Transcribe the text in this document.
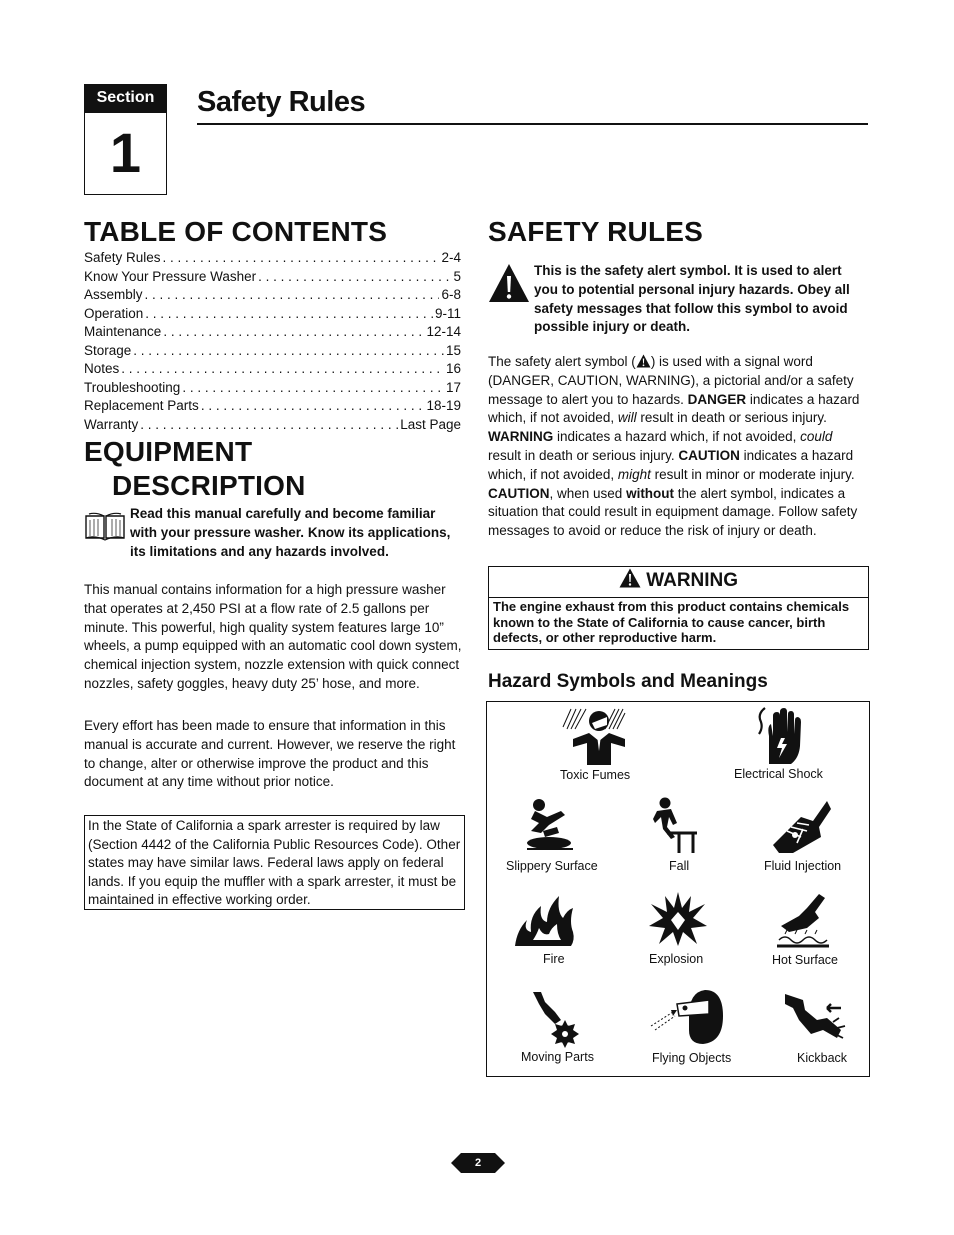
Section
1
Safety Rules
TABLE OF CONTENTS
Safety Rules . . .	2-4
Know Your Pressure Washer . . .	5
Assembly . . .	6-8
Operation . . .	9-11
Maintenance . . .	12-14
Storage . . .	15
Notes . . .	16
Troubleshooting . . .	17
Replacement Parts . . .	18-19
Warranty . . .	Last Page
EQUIPMENT
DESCRIPTION
Read this manual carefully and become familiar with your pressure washer. Know its applications, its limitations and any hazards involved.
This manual contains information for a high pressure washer that operates at 2,450 PSI at a flow rate of 2.5 gallons per minute. This powerful, high quality system features large 10” wheels, a pump equipped with an automatic cool down system, chemical injection system, nozzle extension with quick connect nozzles, safety goggles, heavy duty 25’ hose, and more.
Every effort has been made to ensure that information in this manual is accurate and current. However, we reserve the right to change, alter or otherwise improve the product and this document at any time without prior notice.
In the State of California a spark arrester is required by law (Section 4442 of the California Public Resources Code). Other states may have similar laws. Federal laws apply on federal lands. If you equip the muffler with a spark arrester, it must be maintained in effective working order.
SAFETY RULES
This is the safety alert symbol. It is used to alert you to potential personal injury hazards. Obey all safety messages that follow this symbol to avoid possible injury or death.
The safety alert symbol ( ) is used with a signal word (DANGER, CAUTION, WARNING), a pictorial and/or a safety message to alert you to hazards. DANGER indicates a hazard which, if not avoided, will result in death or serious injury. WARNING indicates a hazard which, if not avoided, could result in death or serious injury. CAUTION indicates a hazard which, if not avoided, might result in minor or moderate injury. CAUTION, when used without the alert symbol, indicates a situation that could result in equipment damage. Follow safety messages to avoid or reduce the risk of injury or death.
WARNING
The engine exhaust from this product contains chemicals known to the State of California to cause cancer, birth defects, or other reproductive harm.
Hazard Symbols and Meanings
Toxic Fumes	Electrical Shock
Slippery Surface	Fall	Fluid Injection
Fire	Explosion	Hot Surface
Moving Parts	Flying Objects	Kickback
2
